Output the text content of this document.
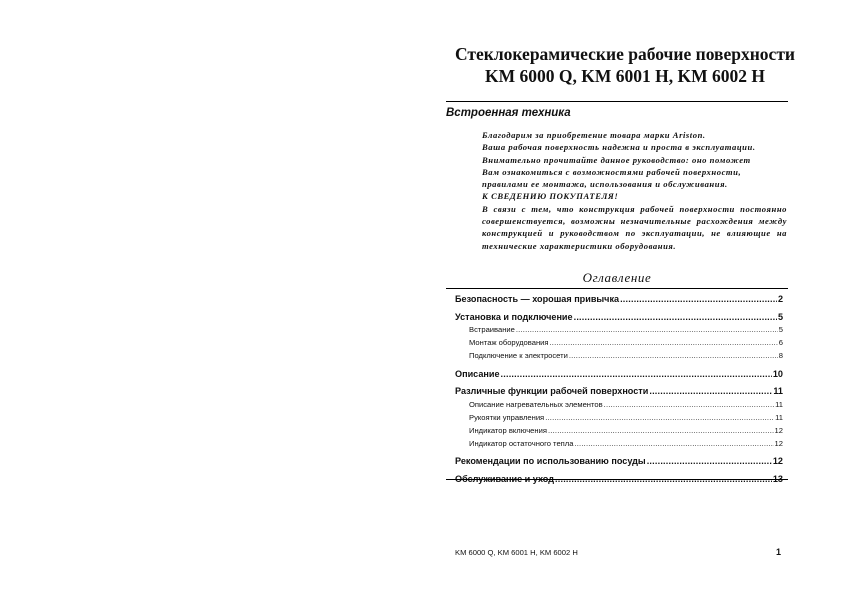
Стеклокерамические рабочие поверхности
KM 6000 Q, KM 6001 H, KM 6002 H
Встроенная техника
Благодарим за приобретение товара марки Ariston.
Ваша рабочая поверхность надежна и проста в эксплуатации.
Внимательно прочитайте данное руководство: оно поможет
Вам ознакомиться с возможностями рабочей поверхности,
правилами ее монтажа, использования и обслуживания.
К СВЕДЕНИЮ ПОКУПАТЕЛЯ!
В связи с тем, что конструкция рабочей поверхности постоянно
совершенствуется, возможны незначительные расхождения между
конструкцией и руководством по эксплуатации, не влияющие на
технические характеристики оборудования.
Оглавление
Безопасность — хорошая привычка .....	2
Установка и подключение .....	5
Встраивание .....	5
Монтаж оборудования .....	6
Подключение к электросети .....	8
Описание .....	10
Различные функции рабочей поверхности .....	11
Описание нагревательных элементов .....	11
Рукоятки управления .....	11
Индикатор включения .....	12
Индикатор остаточного тепла .....	12
Рекомендации по использованию посуды .....	12
Обслуживание и уход .....	13
KM 6000 Q, KM 6001 H, KM 6002 H	1
